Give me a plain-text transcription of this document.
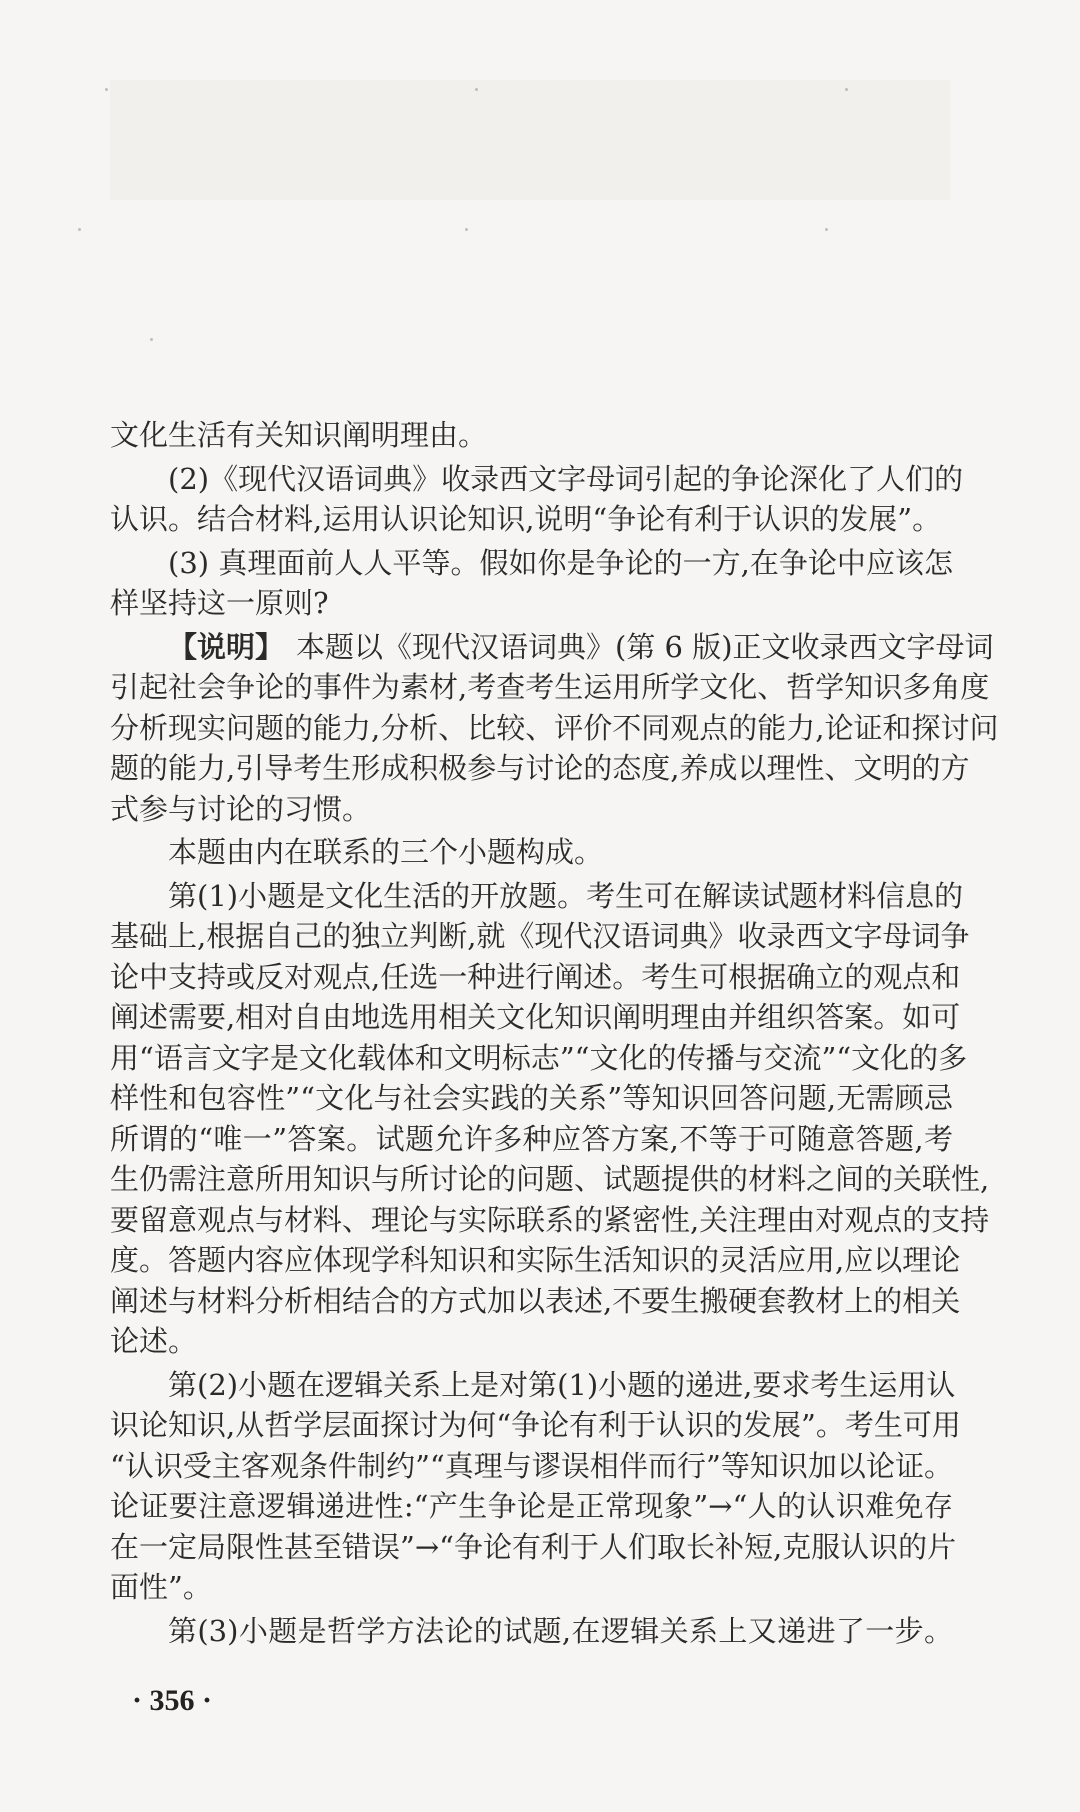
文化生活有关知识阐明理由。
(2)《现代汉语词典》收录西文字母词引起的争论深化了人们的
认识。结合材料,运用认识论知识,说明“争论有利于认识的发展”。
(3) 真理面前人人平等。假如你是争论的一方,在争论中应该怎
样坚持这一原则?
【说明】 本题以《现代汉语词典》(第 6 版)正文收录西文字母词
引起社会争论的事件为素材,考查考生运用所学文化、哲学知识多角度
分析现实问题的能力,分析、比较、评价不同观点的能力,论证和探讨问
题的能力,引导考生形成积极参与讨论的态度,养成以理性、文明的方
式参与讨论的习惯。
本题由内在联系的三个小题构成。
第(1)小题是文化生活的开放题。考生可在解读试题材料信息的
基础上,根据自己的独立判断,就《现代汉语词典》收录西文字母词争
论中支持或反对观点,任选一种进行阐述。考生可根据确立的观点和
阐述需要,相对自由地选用相关文化知识阐明理由并组织答案。如可
用“语言文字是文化载体和文明标志”“文化的传播与交流”“文化的多
样性和包容性”“文化与社会实践的关系”等知识回答问题,无需顾忌
所谓的“唯一”答案。试题允许多种应答方案,不等于可随意答题,考
生仍需注意所用知识与所讨论的问题、试题提供的材料之间的关联性,
要留意观点与材料、理论与实际联系的紧密性,关注理由对观点的支持
度。答题内容应体现学科知识和实际生活知识的灵活应用,应以理论
阐述与材料分析相结合的方式加以表述,不要生搬硬套教材上的相关
论述。
第(2)小题在逻辑关系上是对第(1)小题的递进,要求考生运用认
识论知识,从哲学层面探讨为何“争论有利于认识的发展”。考生可用
“认识受主客观条件制约”“真理与谬误相伴而行”等知识加以论证。
论证要注意逻辑递进性:“产生争论是正常现象”→“人的认识难免存
在一定局限性甚至错误”→“争论有利于人们取长补短,克服认识的片
面性”。
第(3)小题是哲学方法论的试题,在逻辑关系上又递进了一步。
· 356 ·
